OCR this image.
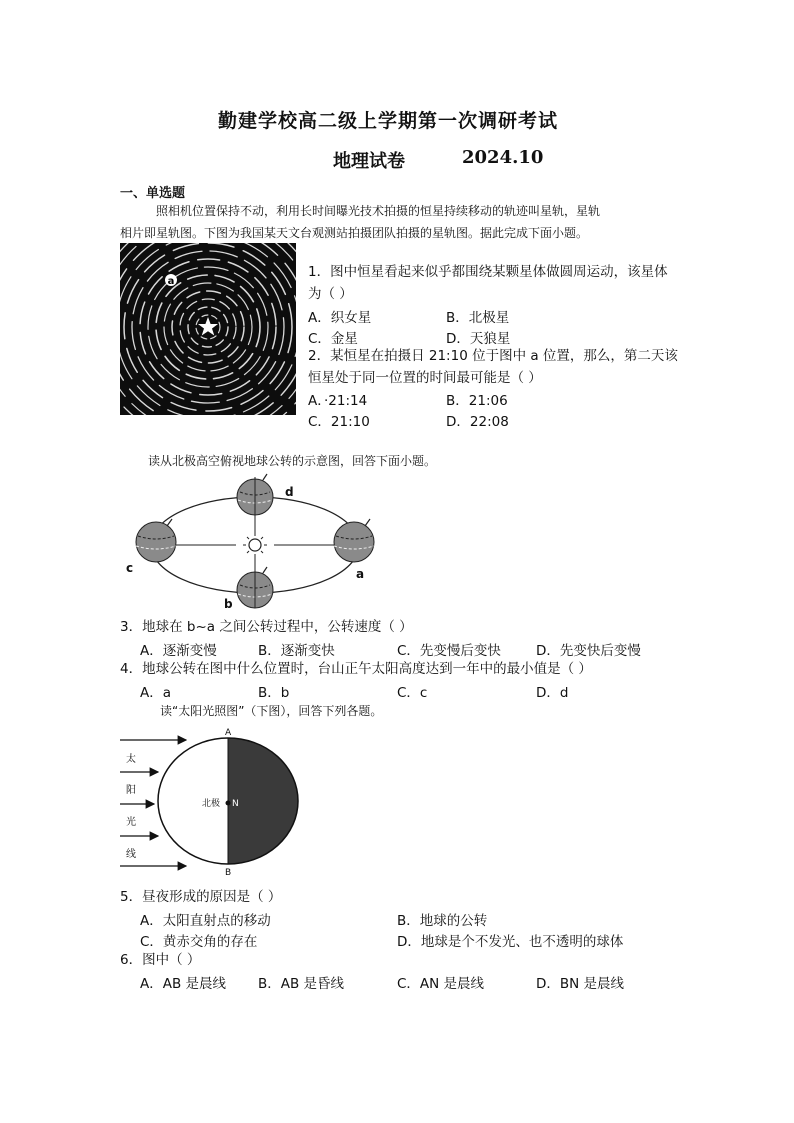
勤建学校高二级上学期第一次调研考试
地理试卷	2024.10
一、单选题
照相机位置保持不动，利用长时间曝光技术拍摄的恒星持续移动的轨迹叫星轨，星轨
相片即星轨图。下图为我国某天文台观测站拍摄团队拍摄的星轨图。据此完成下面小题。
a
1．图中恒星看起来似乎都围绕某颗星体做圆周运动，该星体
为（ ）
A．织女星	B．北极星
C．金星	D．天狼星
2．某恒星在拍摄日 21:10 位于图中 a 位置，那么，第二天该
恒星处于同一位置的时间最可能是（ ）
A．·21:14	B．21:06
C．21:10	D．22:08
读从北极高空俯视地球公转的示意图，回答下面小题。
d
a
c
b
3．地球在 b~a 之间公转过程中，公转速度（ ）
A．逐渐变慢	B．逐渐变快	C．先变慢后变快	D．先变快后变慢
4．地球公转在图中什么位置时，台山正午太阳高度达到一年中的最小值是（ ）
A．a	B．b	C．c	D．d
读“太阳光照图”（下图），回答下列各题。
太
阳
光
线
A
B
北极 N
5．昼夜形成的原因是（ ）
A．太阳直射点的移动	B．地球的公转
C．黄赤交角的存在	D．地球是个不发光、也不透明的球体
6．图中（ ）
A．AB 是晨线 B．AB 是昏线	C．AN 是晨线	D．BN 是晨线
